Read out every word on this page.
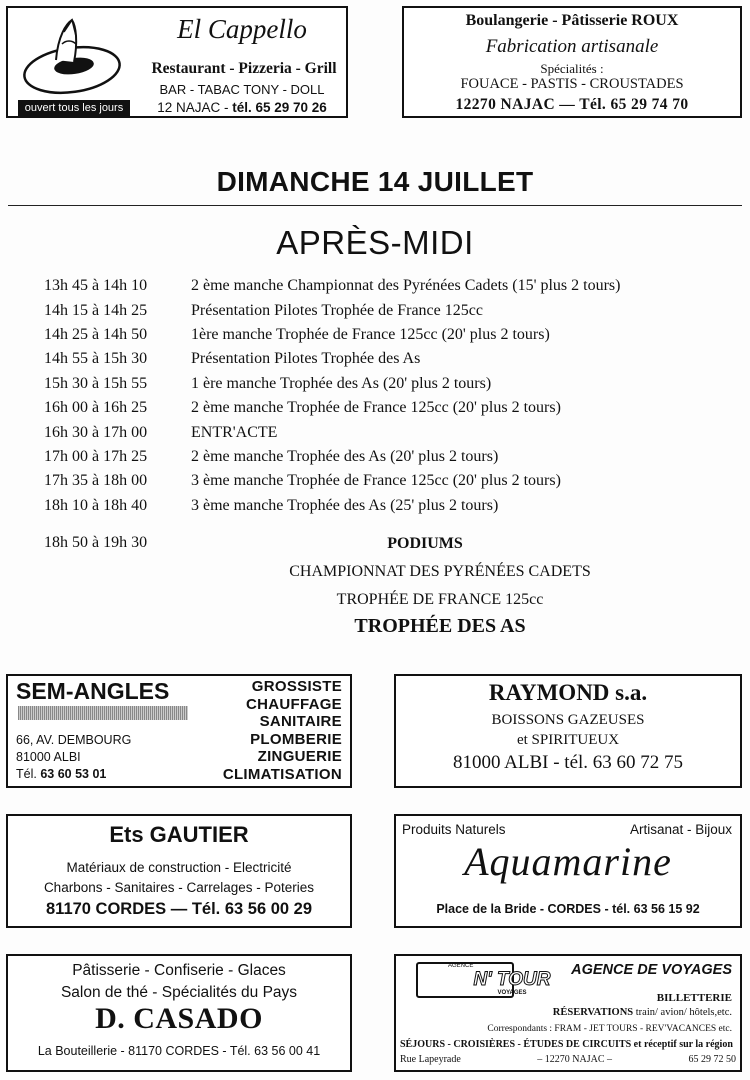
ouvert tous les jours
El Cappello
Restaurant - Pizzeria - Grill
BAR - TABAC TONY - DOLL
12 NAJAC - tél. 65 29 70 26
Boulangerie - Pâtisserie ROUX
Fabrication artisanale
Spécialités :
FOUACE - PASTIS - CROUSTADES
12270 NAJAC — Tél. 65 29 74 70
DIMANCHE 14 JUILLET
APRÈS-MIDI
13h 45 à 14h 10	2 ème manche Championnat des Pyrénées Cadets (15' plus 2 tours)
14h 15 à 14h 25	Présentation Pilotes Trophée de France 125cc
14h 25 à 14h 50	1ère manche Trophée de France 125cc (20' plus 2 tours)
14h 55 à 15h 30	Présentation Pilotes Trophée des As
15h 30 à 15h 55	1 ère manche Trophée des As (20' plus 2 tours)
16h 00 à 16h 25	2 ème manche Trophée de France 125cc (20' plus 2 tours)
16h 30 à 17h 00	ENTR'ACTE
17h 00 à 17h 25	2 ème manche Trophée des As (20' plus 2 tours)
17h 35 à 18h 00	3 ème manche Trophée de France 125cc (20' plus 2 tours)
18h 10 à 18h 40	3 ème manche Trophée des As (25' plus 2 tours)
18h 50 à 19h 30	PODIUMS
CHAMPIONNAT DES PYRÉNÉES CADETS
TROPHÉE DE FRANCE 125cc
TROPHÉE DES AS
SEM-ANGLES
66, AV. DEMBOURG
81000 ALBI
Tél. 63 60 53 01
GROSSISTE
CHAUFFAGE
SANITAIRE
PLOMBERIE
ZINGUERIE
CLIMATISATION
RAYMOND s.a.
BOISSONS GAZEUSES
et SPIRITUEUX
81000 ALBI - tél. 63 60 72 75
Ets GAUTIER
Matériaux de construction - Electricité
Charbons - Sanitaires - Carrelages - Poteries
81170 CORDES — Tél. 63 56 00 29
Produits Naturels	Artisanat - Bijoux
Aquamarine
Place de la Bride - CORDES - tél. 63 56 15 92
Pâtisserie - Confiserie - Glaces
Salon de thé - Spécialités du Pays
D. CASADO
La Bouteillerie - 81170 CORDES - Tél. 63 56 00 41
AGENCE
N' TOUR
VOYAGES
AGENCE DE VOYAGES
BILLETTERIE
RÉSERVATIONS train/ avion/ hôtels,etc.
Correspondants : FRAM - JET TOURS - REV'VACANCES etc.
SÉJOURS - CROISIÈRES - ÉTUDES DE CIRCUITS et réceptif sur la région
Rue Lapeyrade	– 12270 NAJAC –	65 29 72 50
